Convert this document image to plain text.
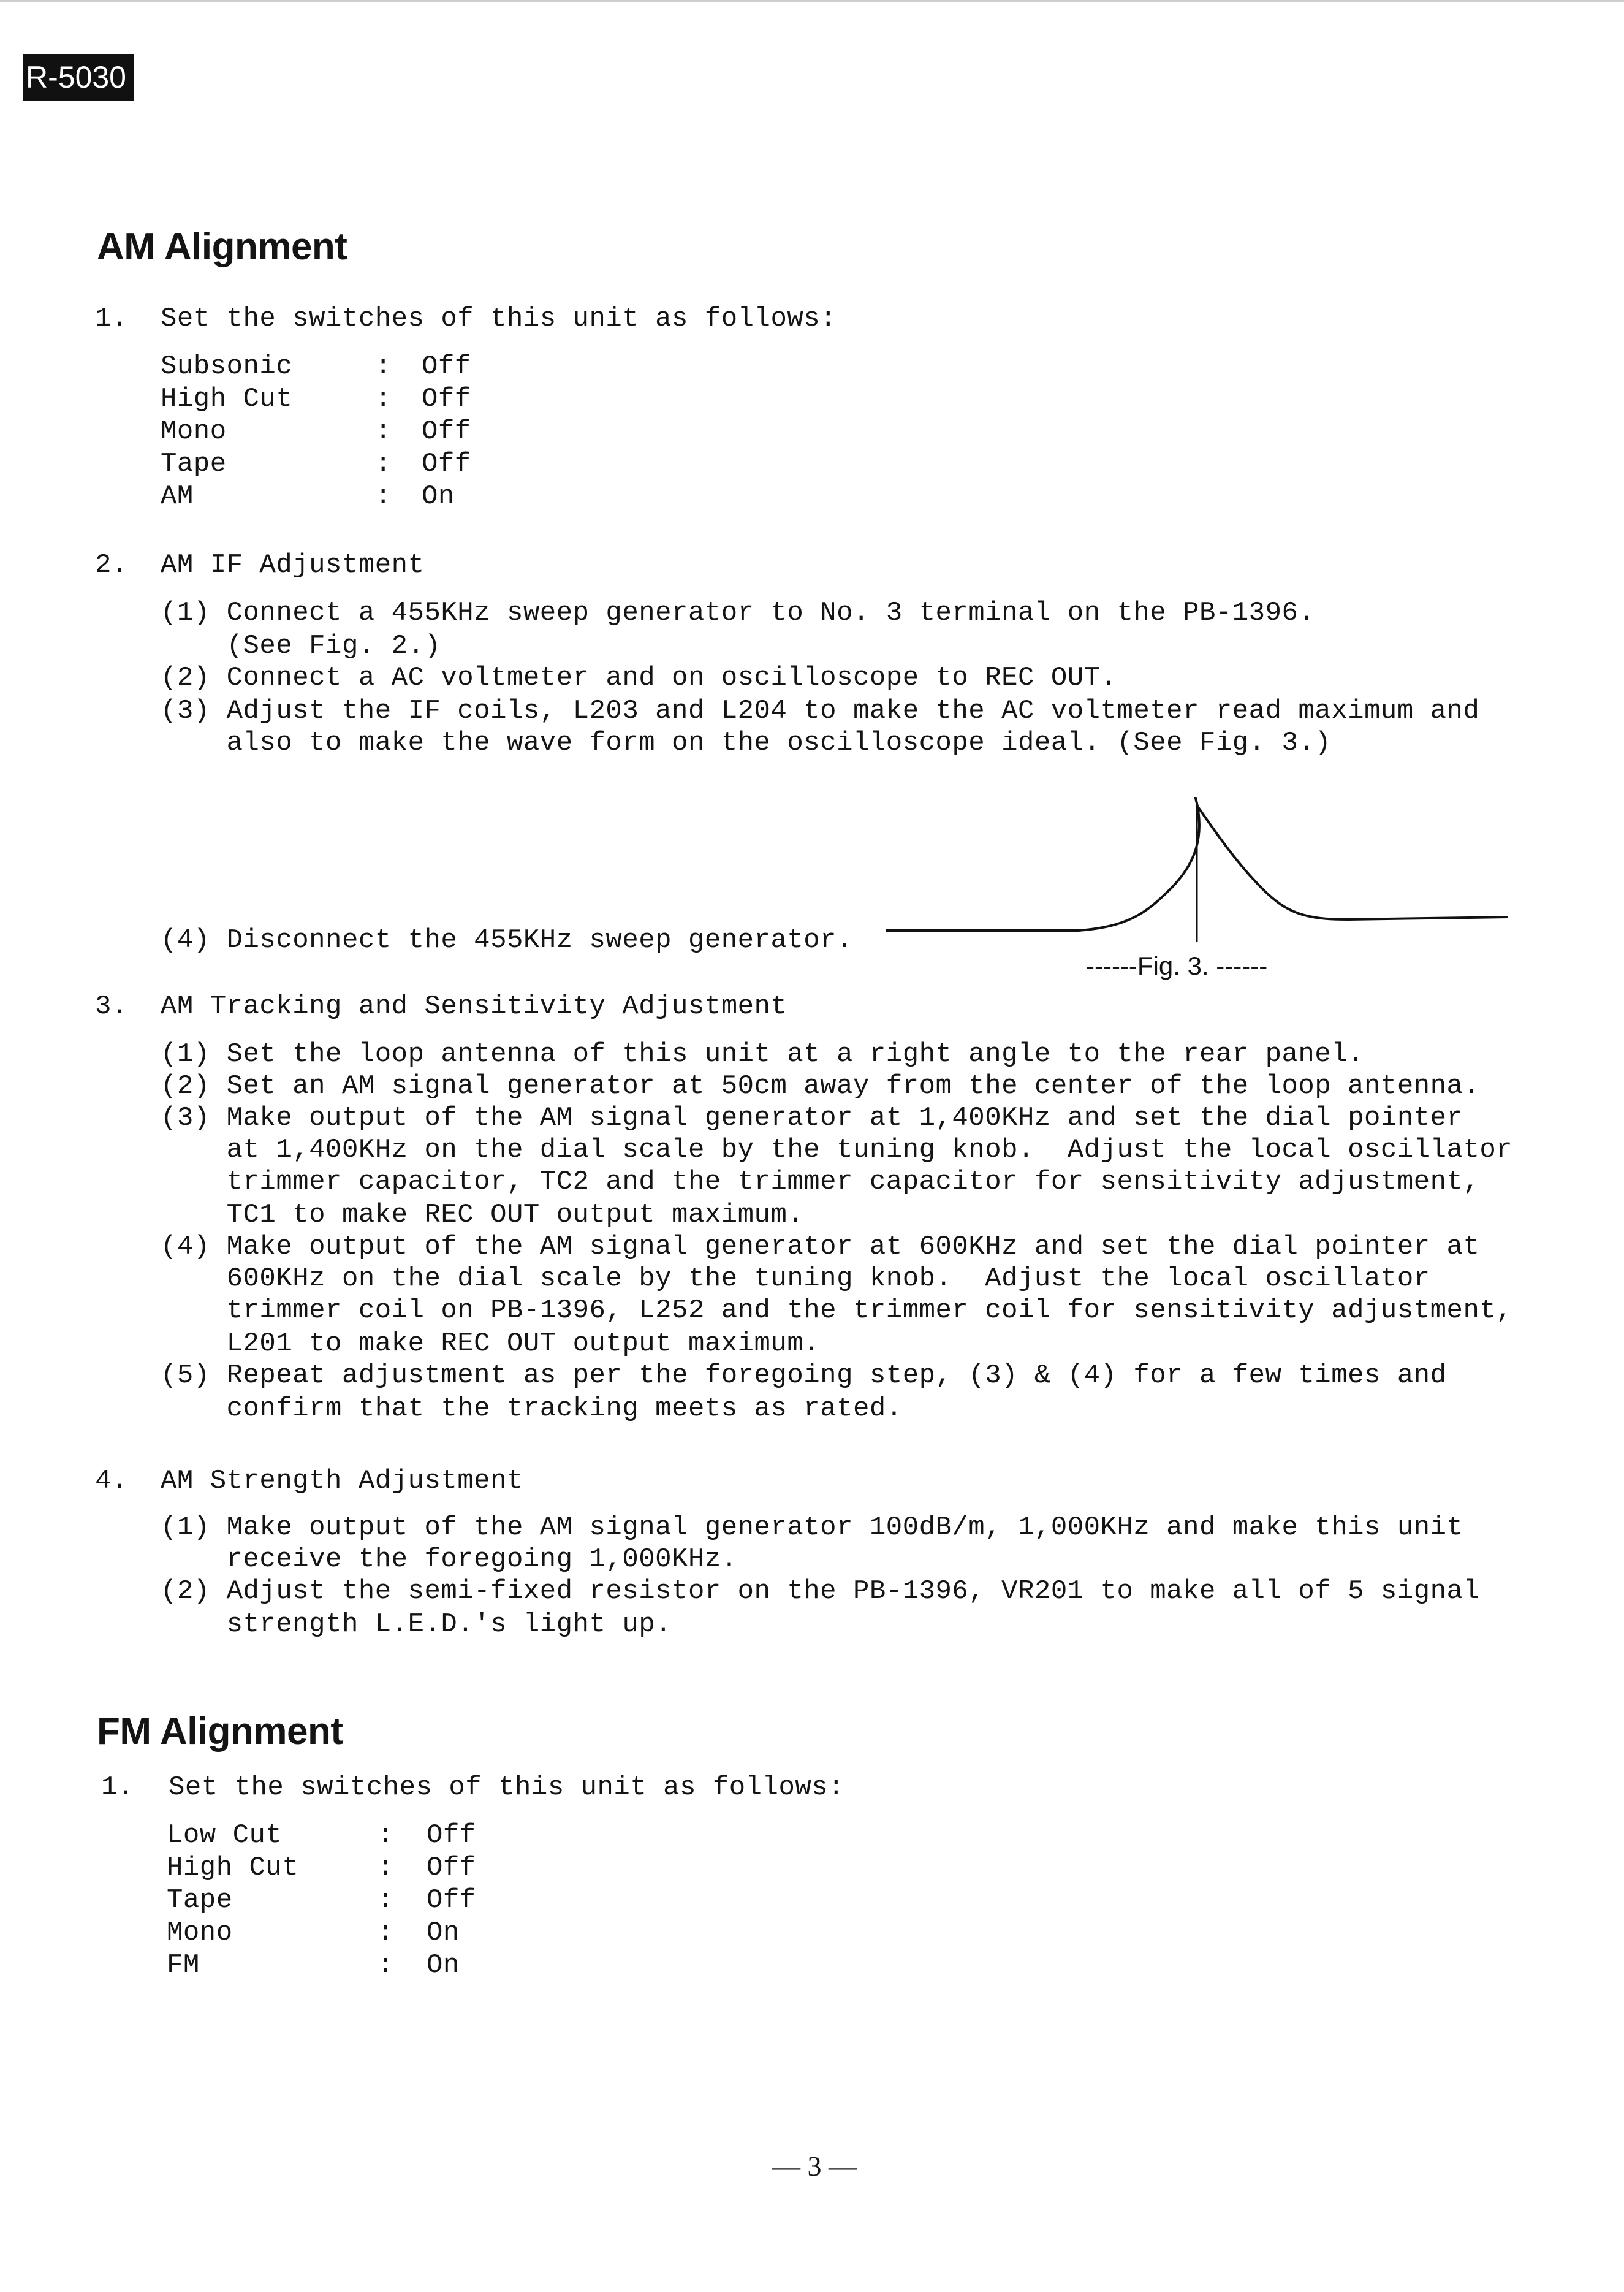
R-5030
AM Alignment
1. Set the switches of this unit as follows:
Subsonic	: Off
High Cut	: Off
Mono	: Off
Tape	: Off
AM	: On
2. AM IF Adjustment
(1) Connect a 455KHz sweep generator to No. 3 terminal on the PB-1396.
(See Fig. 2.)
(2) Connect a AC voltmeter and on oscilloscope to REC OUT.
(3) Adjust the IF coils, L203 and L204 to make the AC voltmeter read maximum and
also to make the wave form on the oscilloscope ideal. (See Fig. 3.)
(4) Disconnect the 455KHz sweep generator.
------Fig. 3. ------
3. AM Tracking and Sensitivity Adjustment
(1) Set the loop antenna of this unit at a right angle to the rear panel.
(2) Set an AM signal generator at 50cm away from the center of the loop antenna.
(3) Make output of the AM signal generator at 1,400KHz and set the dial pointer
at 1,400KHz on the dial scale by the tuning knob.  Adjust the local oscillator
trimmer capacitor, TC2 and the trimmer capacitor for sensitivity adjustment,
TC1 to make REC OUT output maximum.
(4) Make output of the AM signal generator at 600KHz and set the dial pointer at
600KHz on the dial scale by the tuning knob.  Adjust the local oscillator
trimmer coil on PB-1396, L252 and the trimmer coil for sensitivity adjustment,
L201 to make REC OUT output maximum.
(5) Repeat adjustment as per the foregoing step, (3) & (4) for a few times and
confirm that the tracking meets as rated.
4. AM Strength Adjustment
(1) Make output of the AM signal generator 100dB/m, 1,000KHz and make this unit
receive the foregoing 1,000KHz.
(2) Adjust the semi-fixed resistor on the PB-1396, VR201 to make all of 5 signal
strength L.E.D.'s light up.
FM Alignment
1. Set the switches of this unit as follows:
Low Cut	: Off
High Cut	: Off
Tape	: Off
Mono	: On
FM	: On
— 3 —
